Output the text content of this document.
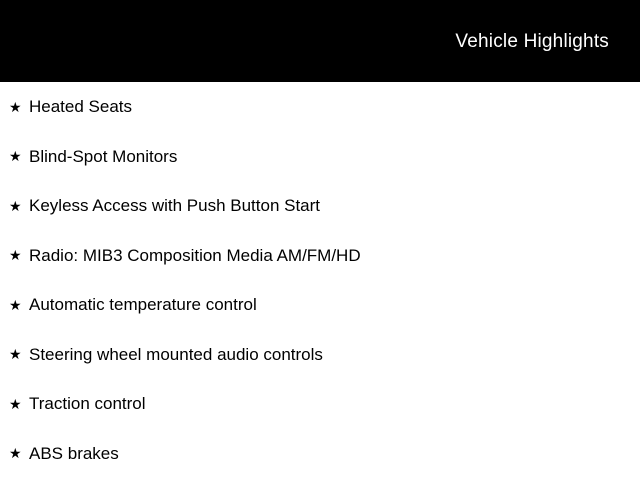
Vehicle Highlights
★ Heated Seats
★ Blind-Spot Monitors
★ Keyless Access with Push Button Start
★ Radio: MIB3 Composition Media AM/FM/HD
★ Automatic temperature control
★ Steering wheel mounted audio controls
★ Traction control
★ ABS brakes
